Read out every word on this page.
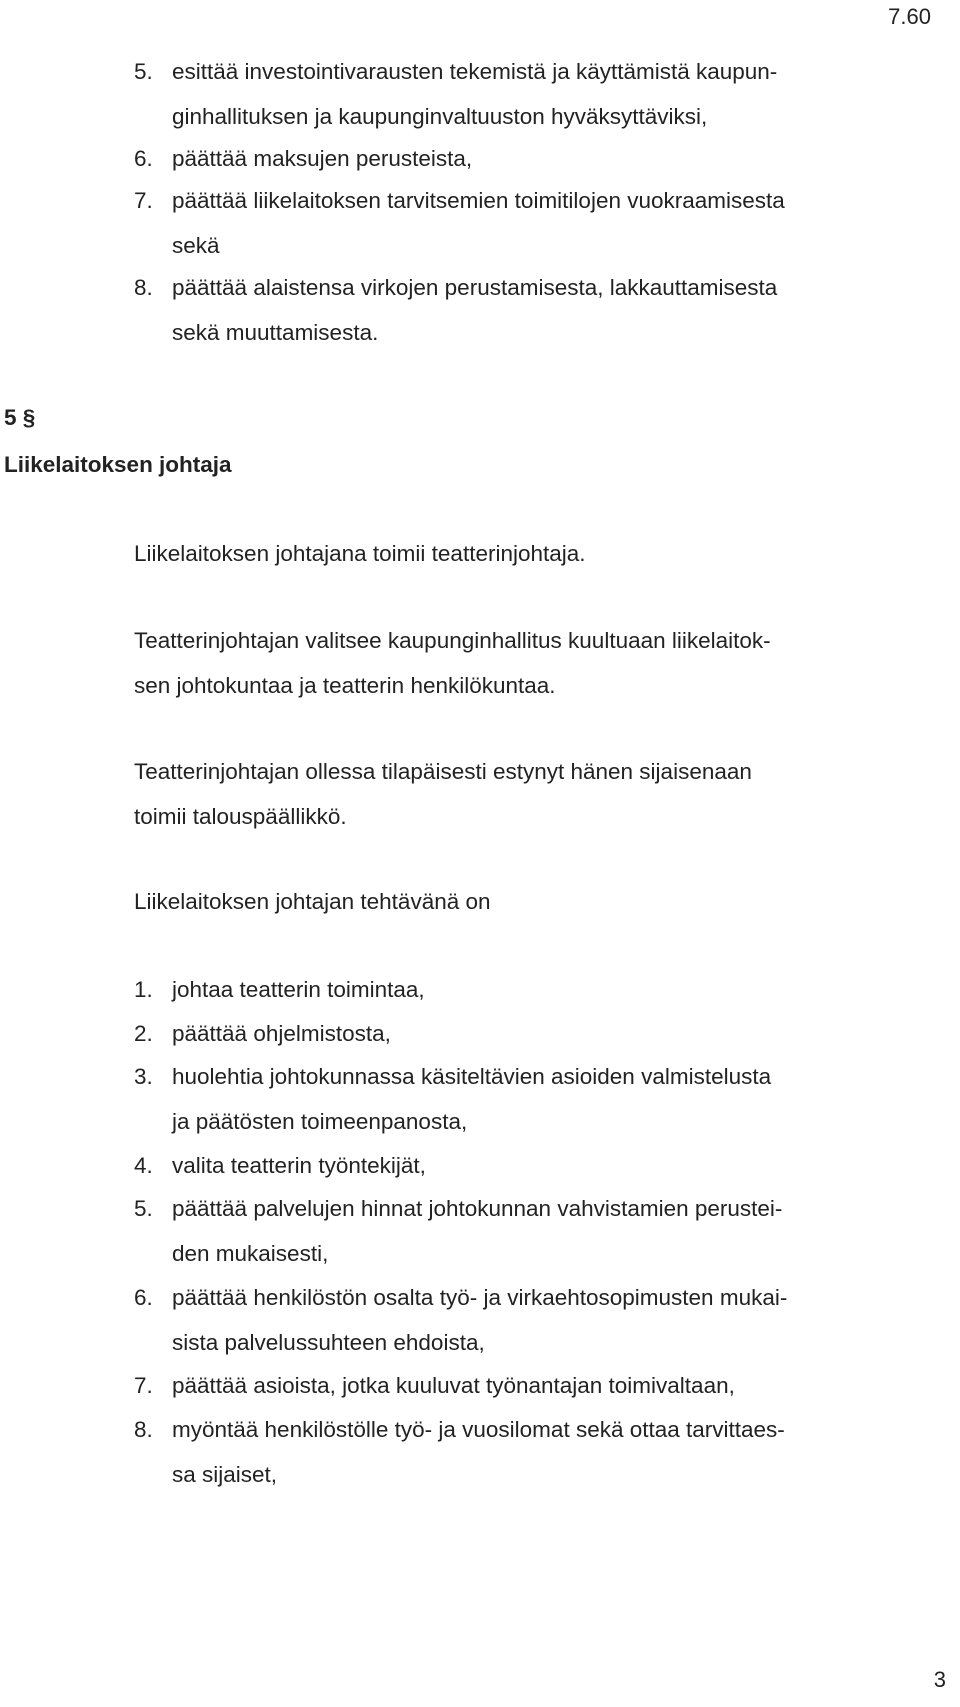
7.60
5. esittää investointivarausten tekemistä ja käyttämistä kaupun-
ginhallituksen ja kaupunginvaltuuston hyväksyttäviksi,
6. päättää maksujen perusteista,
7. päättää liikelaitoksen tarvitsemien toimitilojen vuokraamisesta
sekä
8. päättää alaistensa virkojen perustamisesta, lakkauttamisesta
sekä muuttamisesta.
5 §
Liikelaitoksen johtaja
Liikelaitoksen johtajana toimii teatterinjohtaja.
Teatterinjohtajan valitsee kaupunginhallitus kuultuaan liikelaitok-
sen johtokuntaa ja teatterin henkilökuntaa.
Teatterinjohtajan ollessa tilapäisesti estynyt hänen sijaisenaan
toimii talouspäällikkö.
Liikelaitoksen johtajan tehtävänä on
1. johtaa teatterin toimintaa,
2. päättää ohjelmistosta,
3. huolehtia johtokunnassa käsiteltävien asioiden valmistelusta
ja päätösten toimeenpanosta,
4. valita teatterin työntekijät,
5. päättää palvelujen hinnat johtokunnan vahvistamien perustei-
den mukaisesti,
6. päättää henkilöstön osalta työ- ja virkaehtosopimusten mukai-
sista palvelussuhteen ehdoista,
7. päättää asioista, jotka kuuluvat työnantajan toimivaltaan,
8. myöntää henkilöstölle työ- ja vuosilomat sekä ottaa tarvittaes-
sa sijaiset,
3
